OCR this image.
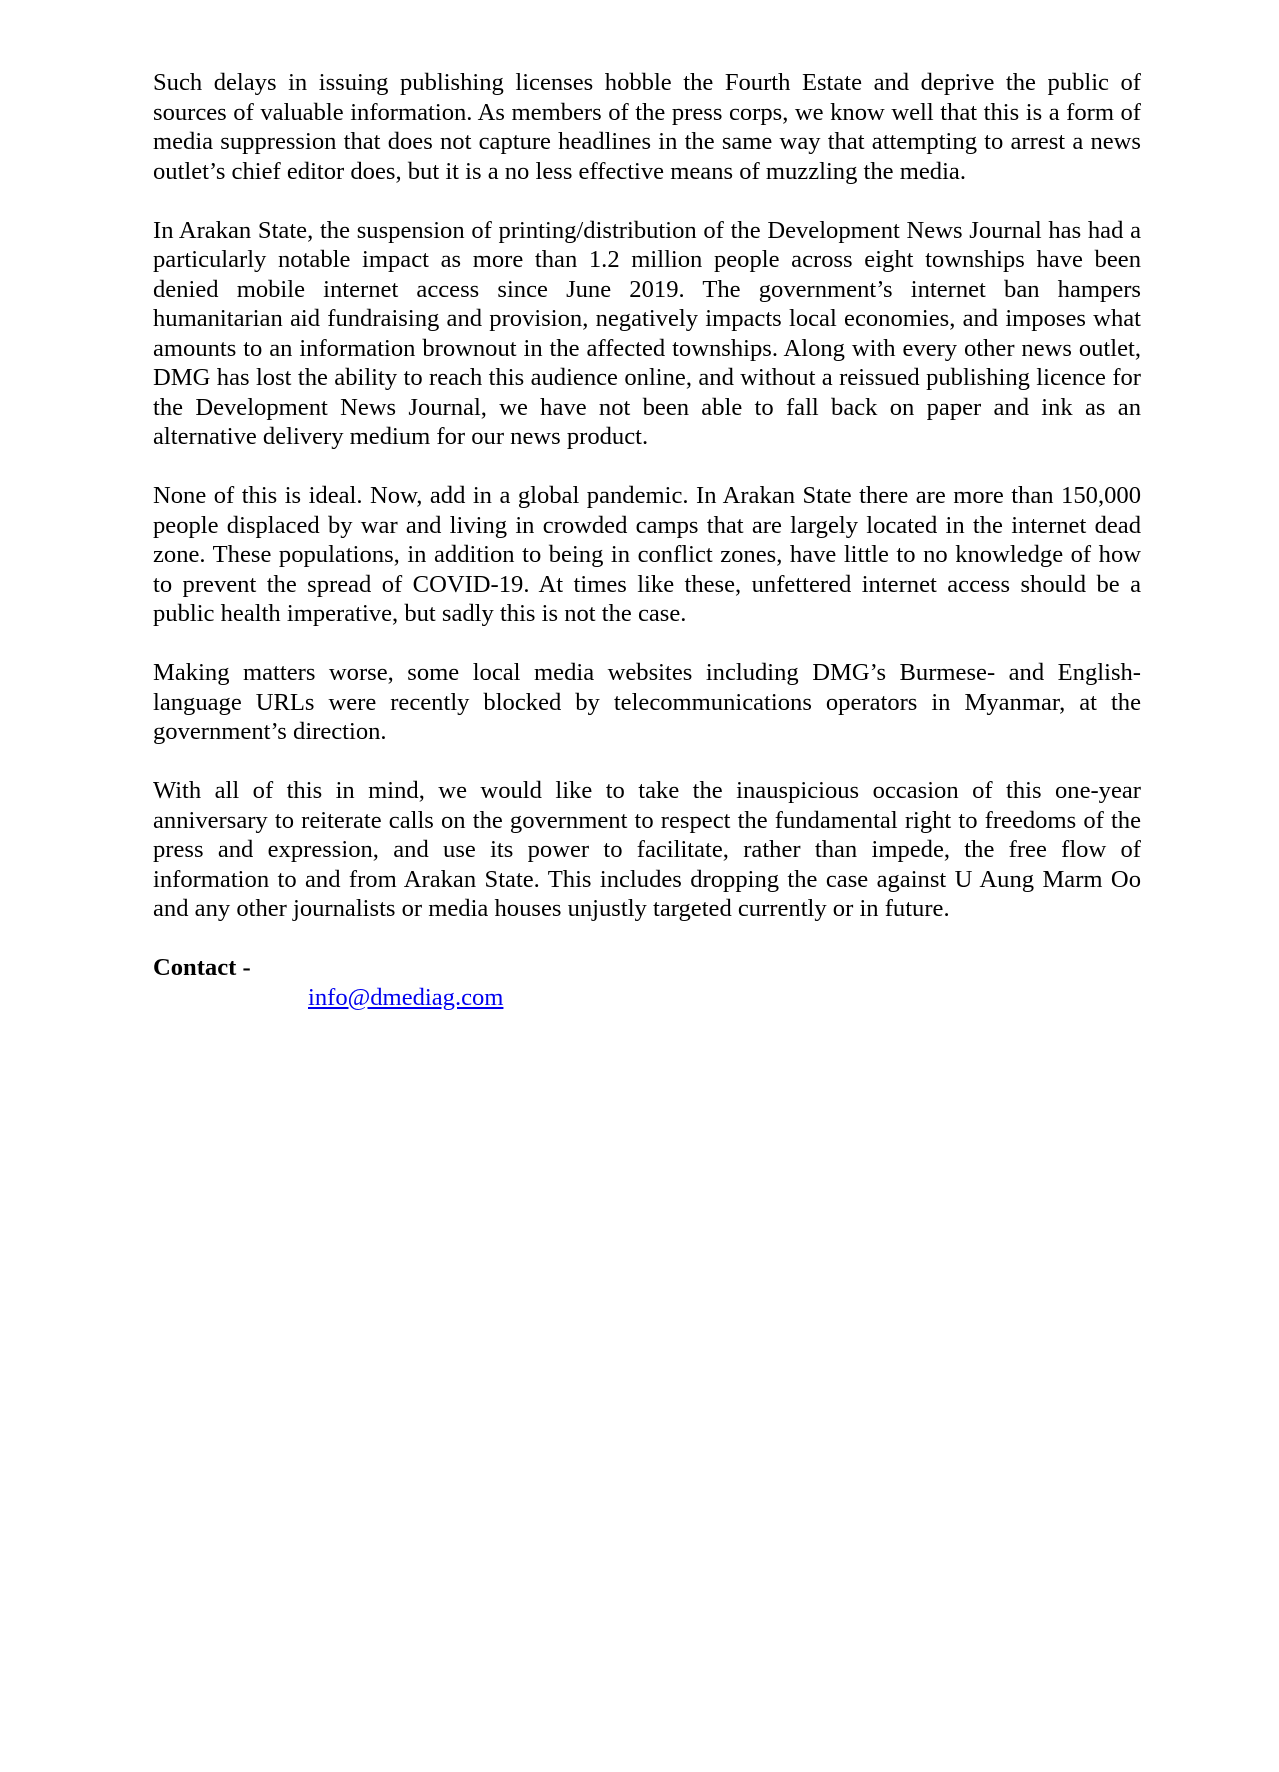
Such delays in issuing publishing licenses hobble the Fourth Estate and deprive the public of sources of valuable information. As members of the press corps, we know well that this is a form of media suppression that does not capture headlines in the same way that attempting to arrest a news outlet’s chief editor does, but it is a no less effective means of muzzling the media.

In Arakan State, the suspension of printing/distribution of the Development News Journal has had a particularly notable impact as more than 1.2 million people across eight townships have been denied mobile internet access since June 2019. The government’s internet ban hampers humanitarian aid fundraising and provision, negatively impacts local economies, and imposes what amounts to an information brownout in the affected townships. Along with every other news outlet, DMG has lost the ability to reach this audience online, and without a reissued publishing licence for the Development News Journal, we have not been able to fall back on paper and ink as an alternative delivery medium for our news product.

None of this is ideal. Now, add in a global pandemic. In Arakan State there are more than 150,000 people displaced by war and living in crowded camps that are largely located in the internet dead zone. These populations, in addition to being in conflict zones, have little to no knowledge of how to prevent the spread of COVID-19. At times like these, unfettered internet access should be a public health imperative, but sadly this is not the case.

Making matters worse, some local media websites including DMG’s Burmese- and English-language URLs were recently blocked by telecommunications operators in Myanmar, at the government’s direction.

With all of this in mind, we would like to take the inauspicious occasion of this one-year anniversary to reiterate calls on the government to respect the fundamental right to freedoms of the press and expression, and use its power to facilitate, rather than impede, the free flow of information to and from Arakan State. This includes dropping the case against U Aung Marm Oo and any other journalists or media houses unjustly targeted currently or in future.

Contact -

info@dmediag.com
